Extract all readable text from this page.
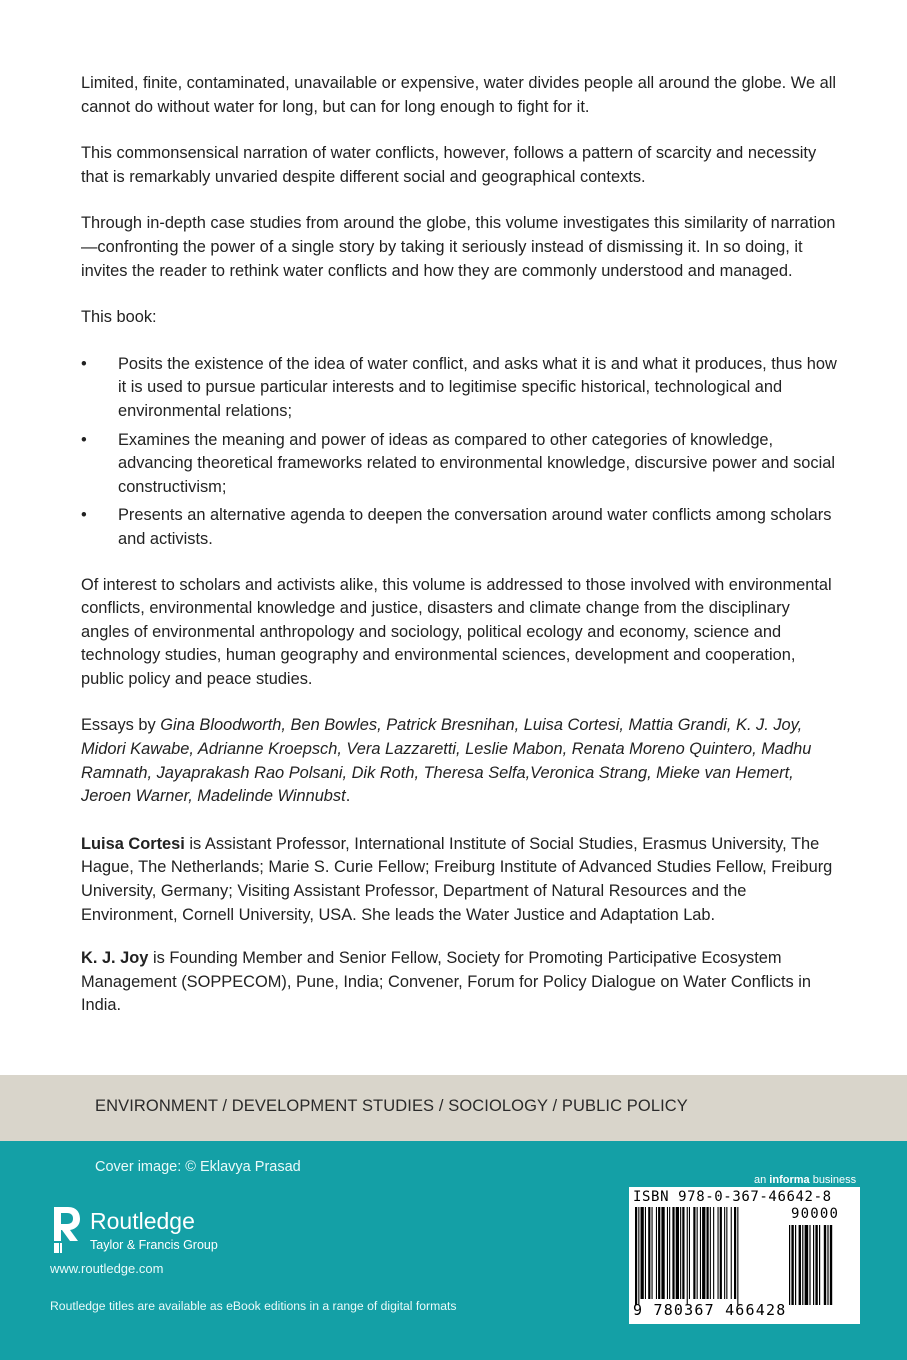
Limited, finite, contaminated, unavailable or expensive, water divides people all around the globe. We all cannot do without water for long, but can for long enough to fight for it.

This commonsensical narration of water conflicts, however, follows a pattern of scarcity and necessity that is remarkably unvaried despite different social and geographical contexts.

Through in-depth case studies from around the globe, this volume investigates this similarity of narration—confronting the power of a single story by taking it seriously instead of dismissing it. In so doing, it invites the reader to rethink water conflicts and how they are commonly understood and managed.

This book:

•	Posits the existence of the idea of water conflict, and asks what it is and what it produces, thus how it is used to pursue particular interests and to legitimise specific historical, technological and environmental relations;
•	Examines the meaning and power of ideas as compared to other categories of knowledge, advancing theoretical frameworks related to environmental knowledge, discursive power and social constructivism;
•	Presents an alternative agenda to deepen the conversation around water conflicts among scholars and activists.

Of interest to scholars and activists alike, this volume is addressed to those involved with environmental conflicts, environmental knowledge and justice, disasters and climate change from the disciplinary angles of environmental anthropology and sociology, political ecology and economy, science and technology studies, human geography and environmental sciences, development and cooperation, public policy and peace studies.

Essays by Gina Bloodworth, Ben Bowles, Patrick Bresnihan, Luisa Cortesi, Mattia Grandi, K. J. Joy, Midori Kawabe, Adrianne Kroepsch, Vera Lazzaretti, Leslie Mabon, Renata Moreno Quintero, Madhu Ramnath, Jayaprakash Rao Polsani, Dik Roth, Theresa Selfa,Veronica Strang, Mieke van Hemert, Jeroen Warner, Madelinde Winnubst.

Luisa Cortesi is Assistant Professor, International Institute of Social Studies, Erasmus University, The Hague, The Netherlands; Marie S. Curie Fellow; Freiburg Institute of Advanced Studies Fellow, Freiburg University, Germany; Visiting Assistant Professor, Department of Natural Resources and the Environment, Cornell University, USA. She leads the Water Justice and Adaptation Lab.

K. J. Joy is Founding Member and Senior Fellow, Society for Promoting Participative Ecosystem Management (SOPPECOM), Pune, India; Convener, Forum for Policy Dialogue on Water Conflicts in India.

ENVIRONMENT / DEVELOPMENT STUDIES / SOCIOLOGY / PUBLIC POLICY
Cover image: © Eklavya Prasad
Routledge
Taylor & Francis Group
www.routledge.com
Routledge titles are available as eBook editions in a range of digital formats
an informa business
ISBN 978-0-367-46642-8
90000
9 780367 466428
